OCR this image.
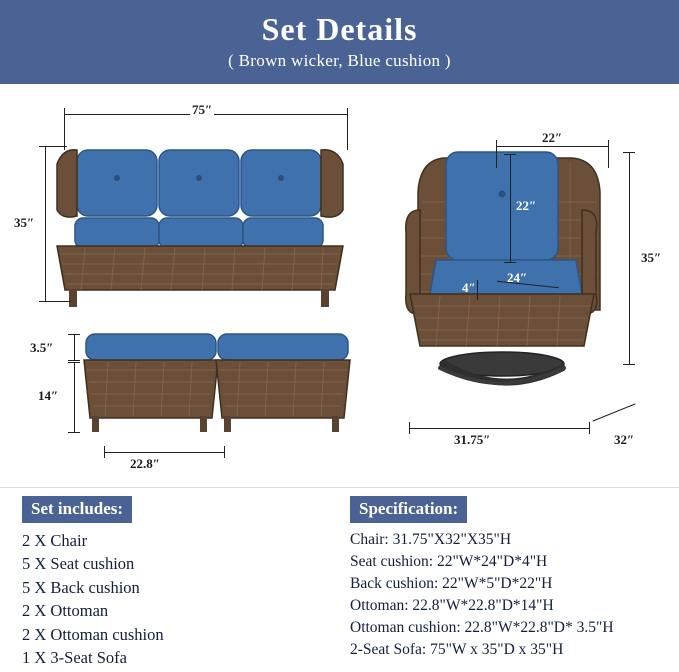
Set Details
( Brown wicker, Blue cushion )
75″
35″
3.5″
14″
22.8″
22″
22″
24″
4″
35″
31.75″	32″
Set includes:
2 X Chair
5 X Seat cushion
5 X Back cushion
2 X Ottoman
2 X Ottoman cushion
1 X 3-Seat Sofa
Specification:
Chair: 31.75"X32"X35"H
Seat cushion: 22"W*24"D*4"H
Back cushion: 22"W*5"D*22"H
Ottoman: 22.8"W*22.8"D*14"H
Ottoman cushion: 22.8"W*22.8"D* 3.5"H
2-Seat Sofa: 75"W x 35"D x 35"H
